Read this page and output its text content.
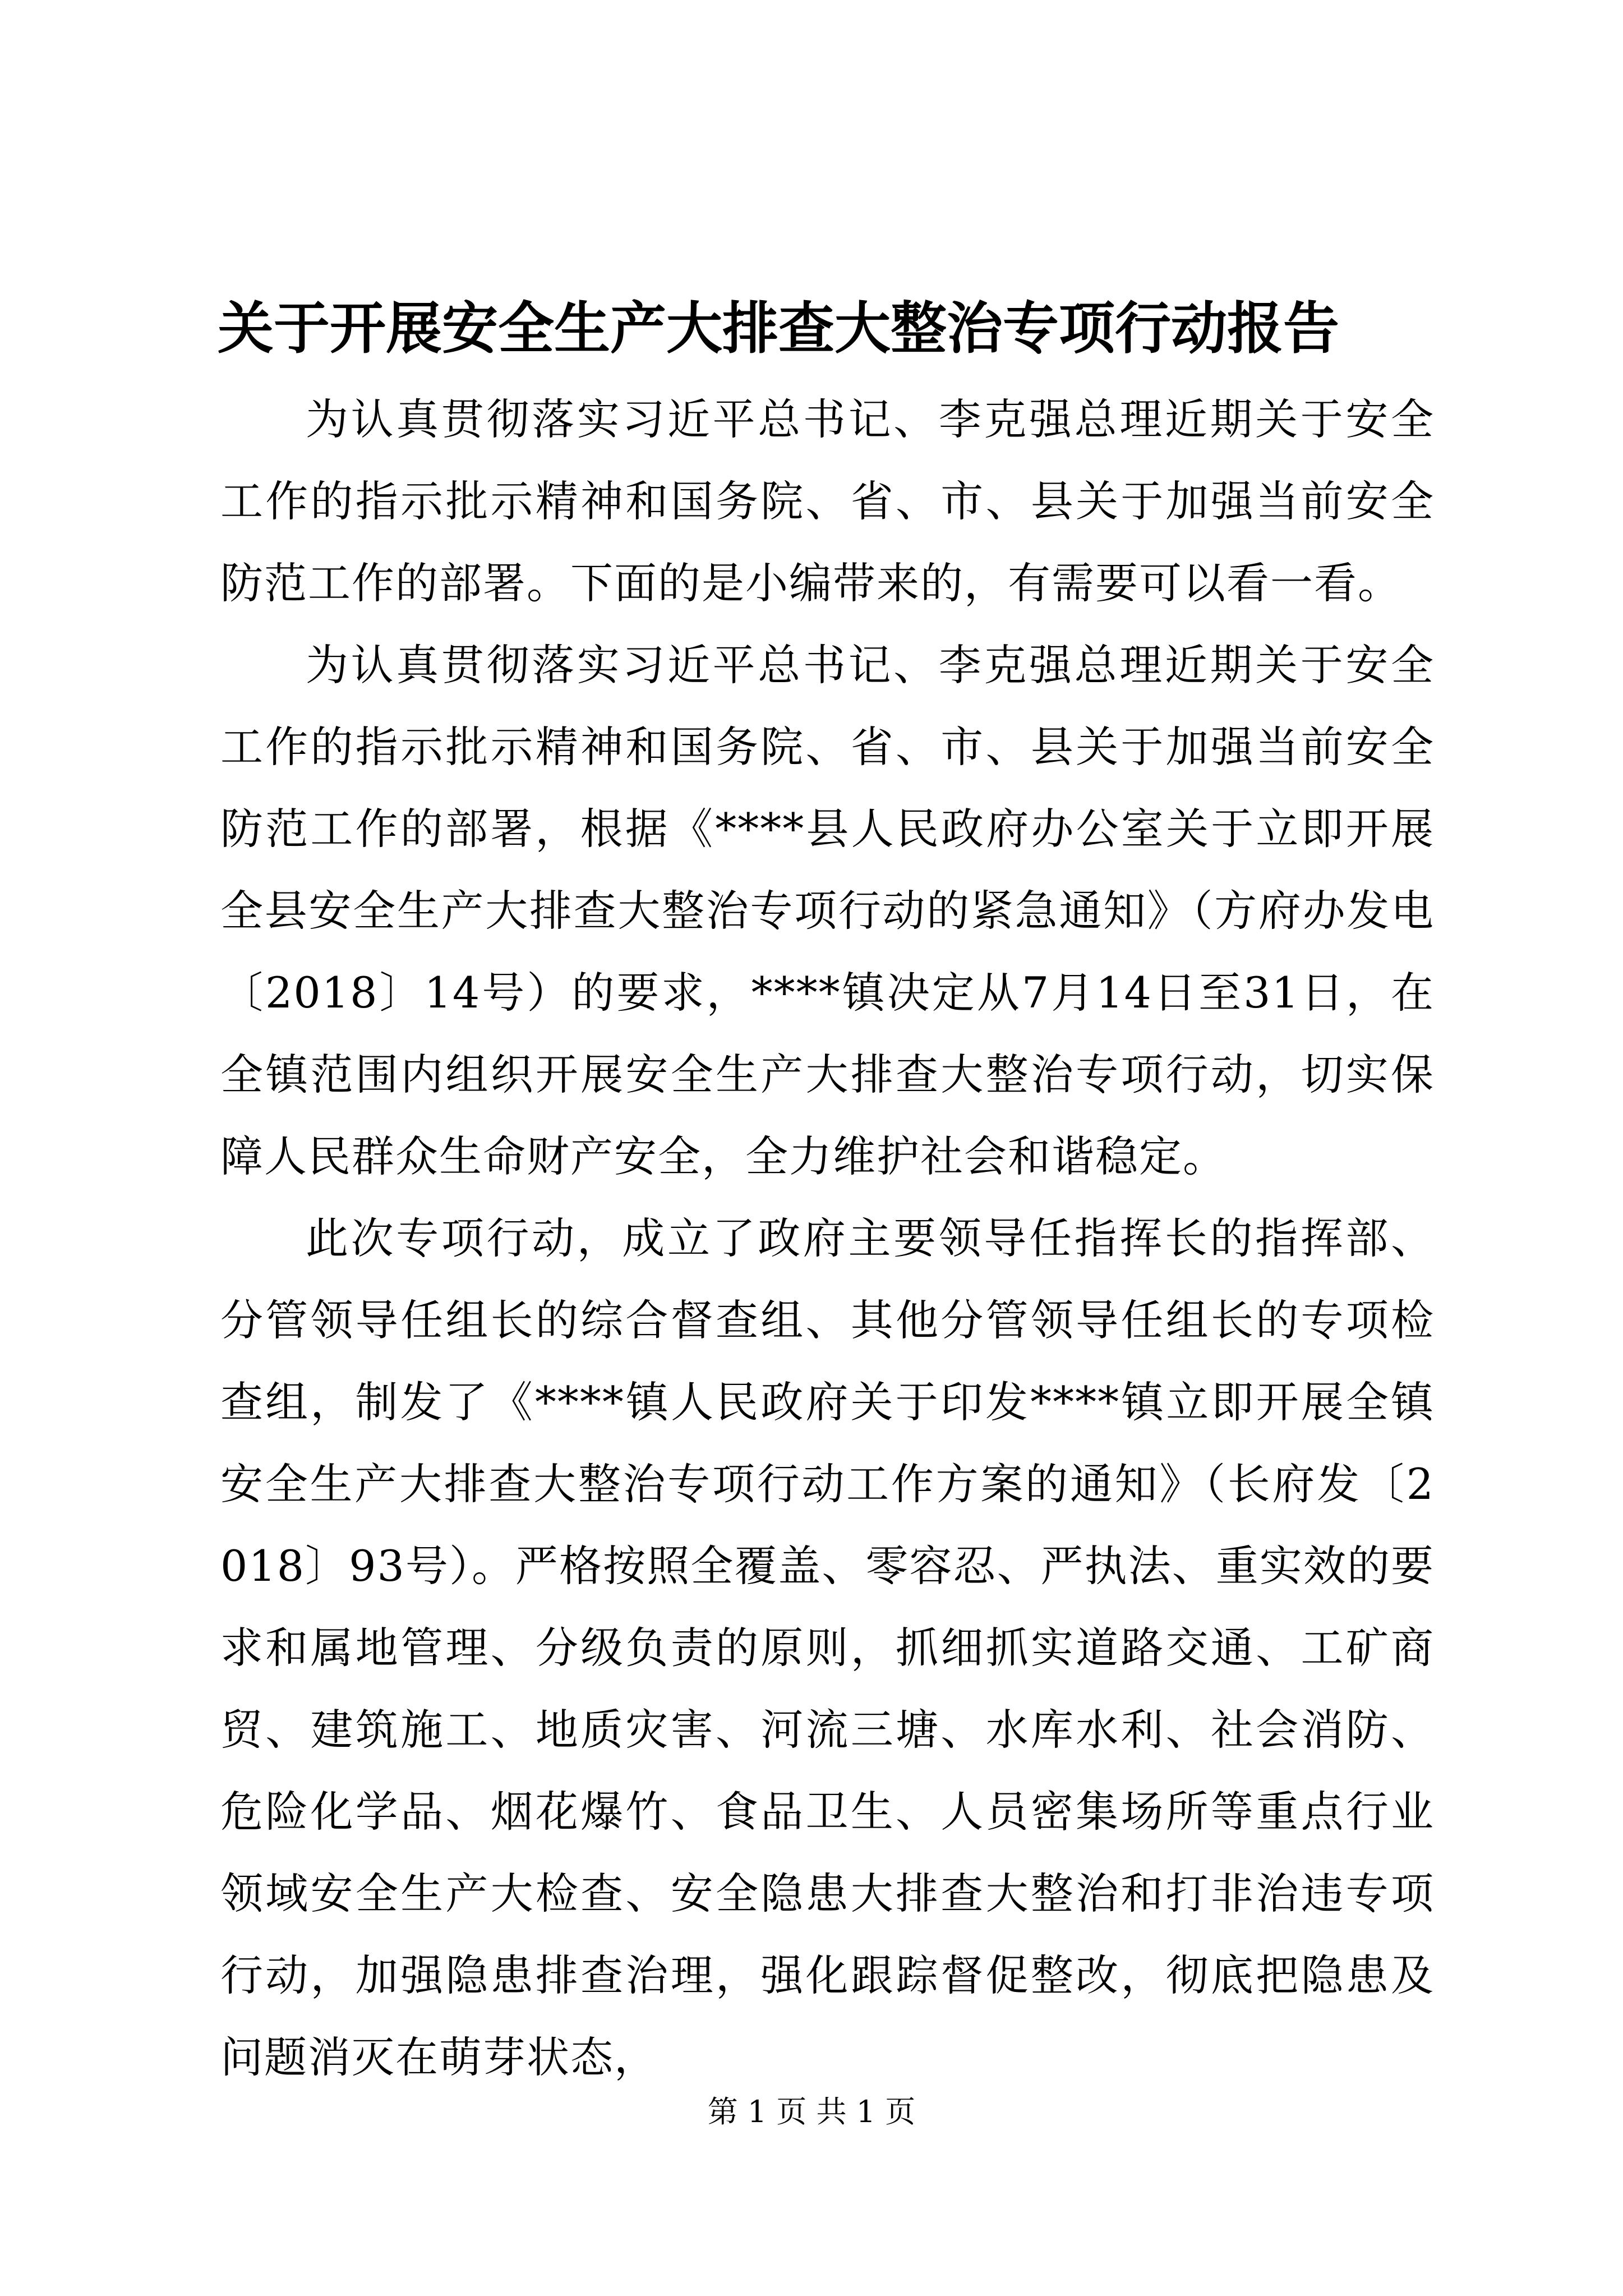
关于开展安全生产大排查大整治专项行动报告

为认真贯彻落实习近平总书记、李克强总理近期关于安全工作的指示批示精神和国务院、省、市、县关于加强当前安全防范工作的部署。下面的是小编带来的，有需要可以看一看。

为认真贯彻落实习近平总书记、李克强总理近期关于安全工作的指示批示精神和国务院、省、市、县关于加强当前安全防范工作的部署，根据《****县人民政府办公室关于立即开展全县安全生产大排查大整治专项行动的紧急通知》（方府办发电〔2018〕14号）的要求，****镇决定从7月14日至31日，在全镇范围内组织开展安全生产大排查大整治专项行动，切实保障人民群众生命财产安全，全力维护社会和谐稳定。

此次专项行动，成立了政府主要领导任指挥长的指挥部、分管领导任组长的综合督查组、其他分管领导任组长的专项检查组，制发了《****镇人民政府关于印发****镇立即开展全镇安全生产大排查大整治专项行动工作方案的通知》（长府发〔2018〕93号）。严格按照全覆盖、零容忍、严执法、重实效的要求和属地管理、分级负责的原则，抓细抓实道路交通、工矿商贸、建筑施工、地质灾害、河流三塘、水库水利、社会消防、危险化学品、烟花爆竹、食品卫生、人员密集场所等重点行业领域安全生产大检查、安全隐患大排查大整治和打非治违专项行动，加强隐患排查治理，强化跟踪督促整改，彻底把隐患及问题消灭在萌芽状态，

第 1 页 共 1 页
